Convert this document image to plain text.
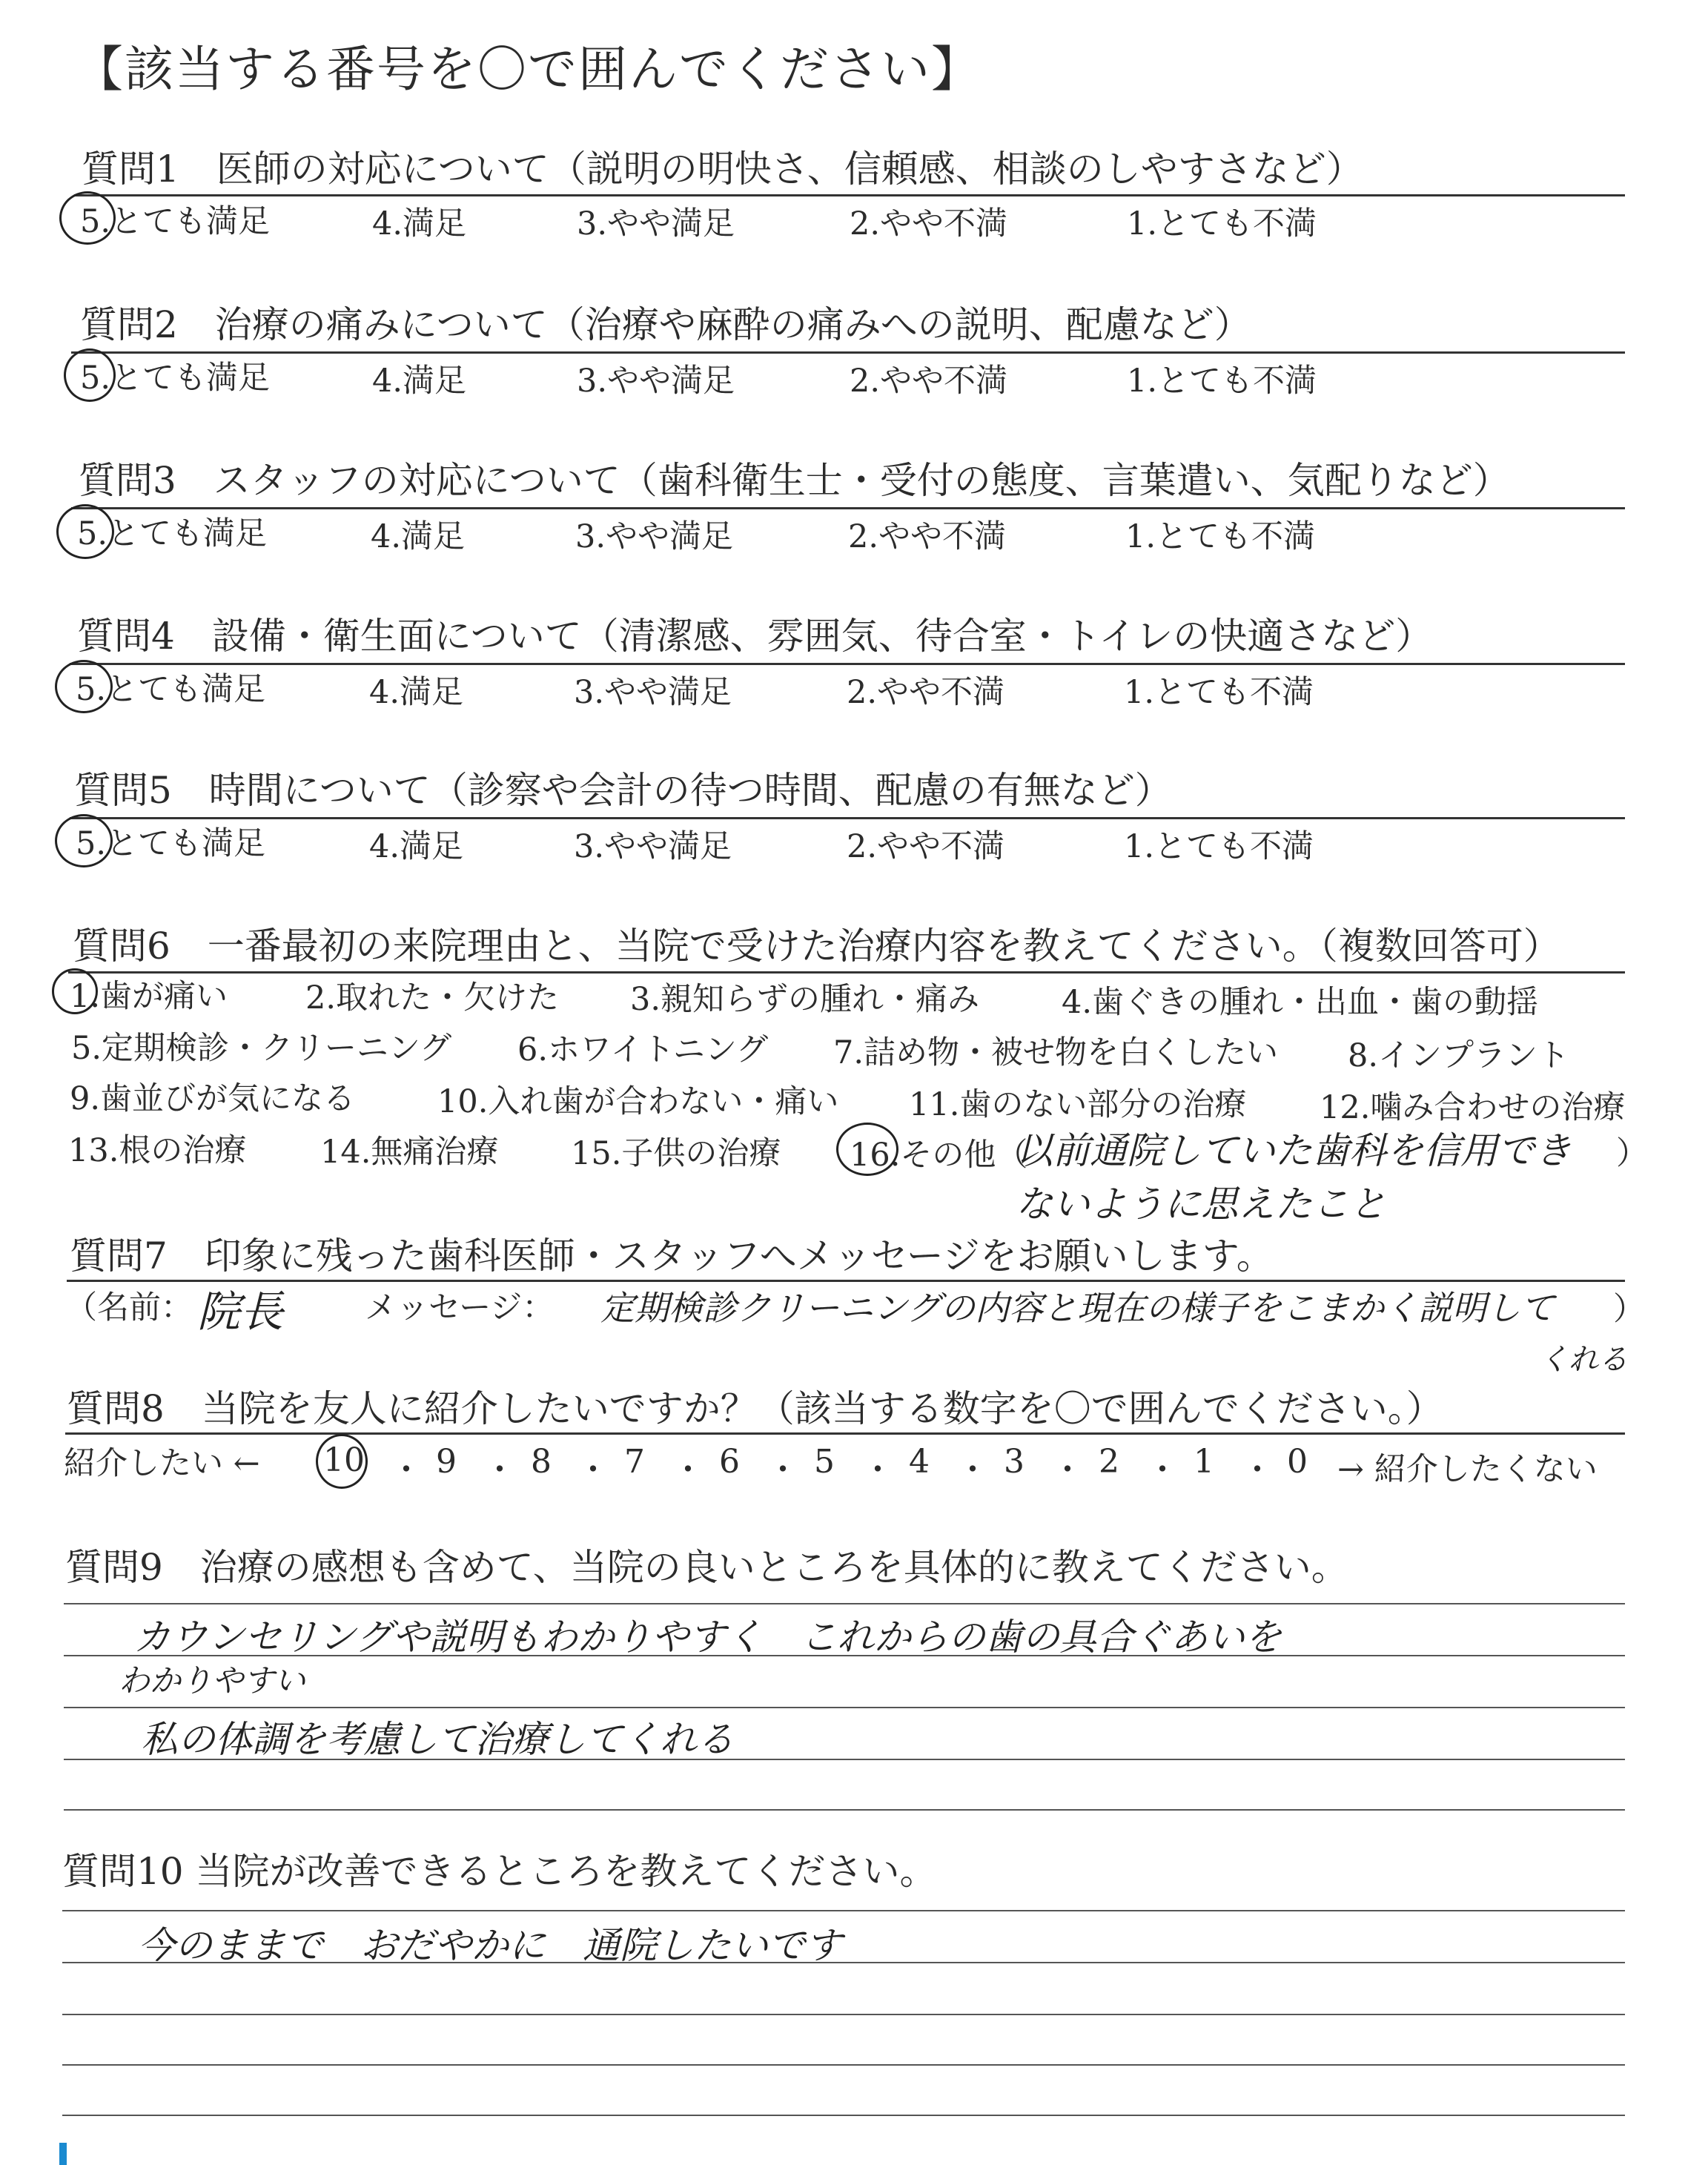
【該当する番号を〇で囲んでください】
質問1　医師の対応について（説明の明快さ、信頼感、相談のしやすさなど）
5.とても満足	4.満足	3.やや満足	2.やや不満	1.とても不満
質問2　治療の痛みについて（治療や麻酔の痛みへの説明、配慮など）
5.とても満足	4.満足	3.やや満足	2.やや不満	1.とても不満
質問3　スタッフの対応について（歯科衛生士・受付の態度、言葉遣い、気配りなど）
5.とても満足	4.満足	3.やや満足	2.やや不満	1.とても不満
質問4　設備・衛生面について（清潔感、雰囲気、待合室・トイレの快適さなど）
5.とても満足	4.満足	3.やや満足	2.やや不満	1.とても不満
質問5　時間について（診察や会計の待つ時間、配慮の有無など）
5.とても満足	4.満足	3.やや満足	2.やや不満	1.とても不満
質問6　一番最初の来院理由と、当院で受けた治療内容を教えてください。（複数回答可）
1.歯が痛い 2.取れた・欠けた 3.親知らずの腫れ・痛み	4.歯ぐきの腫れ・出血・歯の動揺
5.定期検診・クリーニング 6.ホワイトニング 7.詰め物・被せ物を白くしたい 8.インプラント
9.歯並びが気になる	10.入れ歯が合わない・痛い 11.歯のない部分の治療 12.噛み合わせの治療
13.根の治療 14.無痛治療 15.子供の治療 16.その他（
以前通院していた歯科を信用でき ）
ないように思えたこと
質問7　印象に残った歯科医師・スタッフへメッセージをお願いします。
（名前： 院長	メッセージ： 定期検診クリーニングの内容と現在の様子をこまかく説明して ）
くれる
質問8　当院を友人に紹介したいですか？（該当する数字を〇で囲んでください。）
紹介したい ← 10 ・ 9 ・ 8 ・ 7 ・ 6 ・ 5 ・ 4 ・ 3 ・ 2 ・ 1 ・ 0 → 紹介したくない
質問9　治療の感想も含めて、当院の良いところを具体的に教えてください。
カウンセリングや説明もわかりやすく　これからの歯の具合ぐあいを
わかりやすい
私の体調を考慮して治療してくれる
質問10 当院が改善できるところを教えてください。
今のままで　おだやかに　通院したいです
